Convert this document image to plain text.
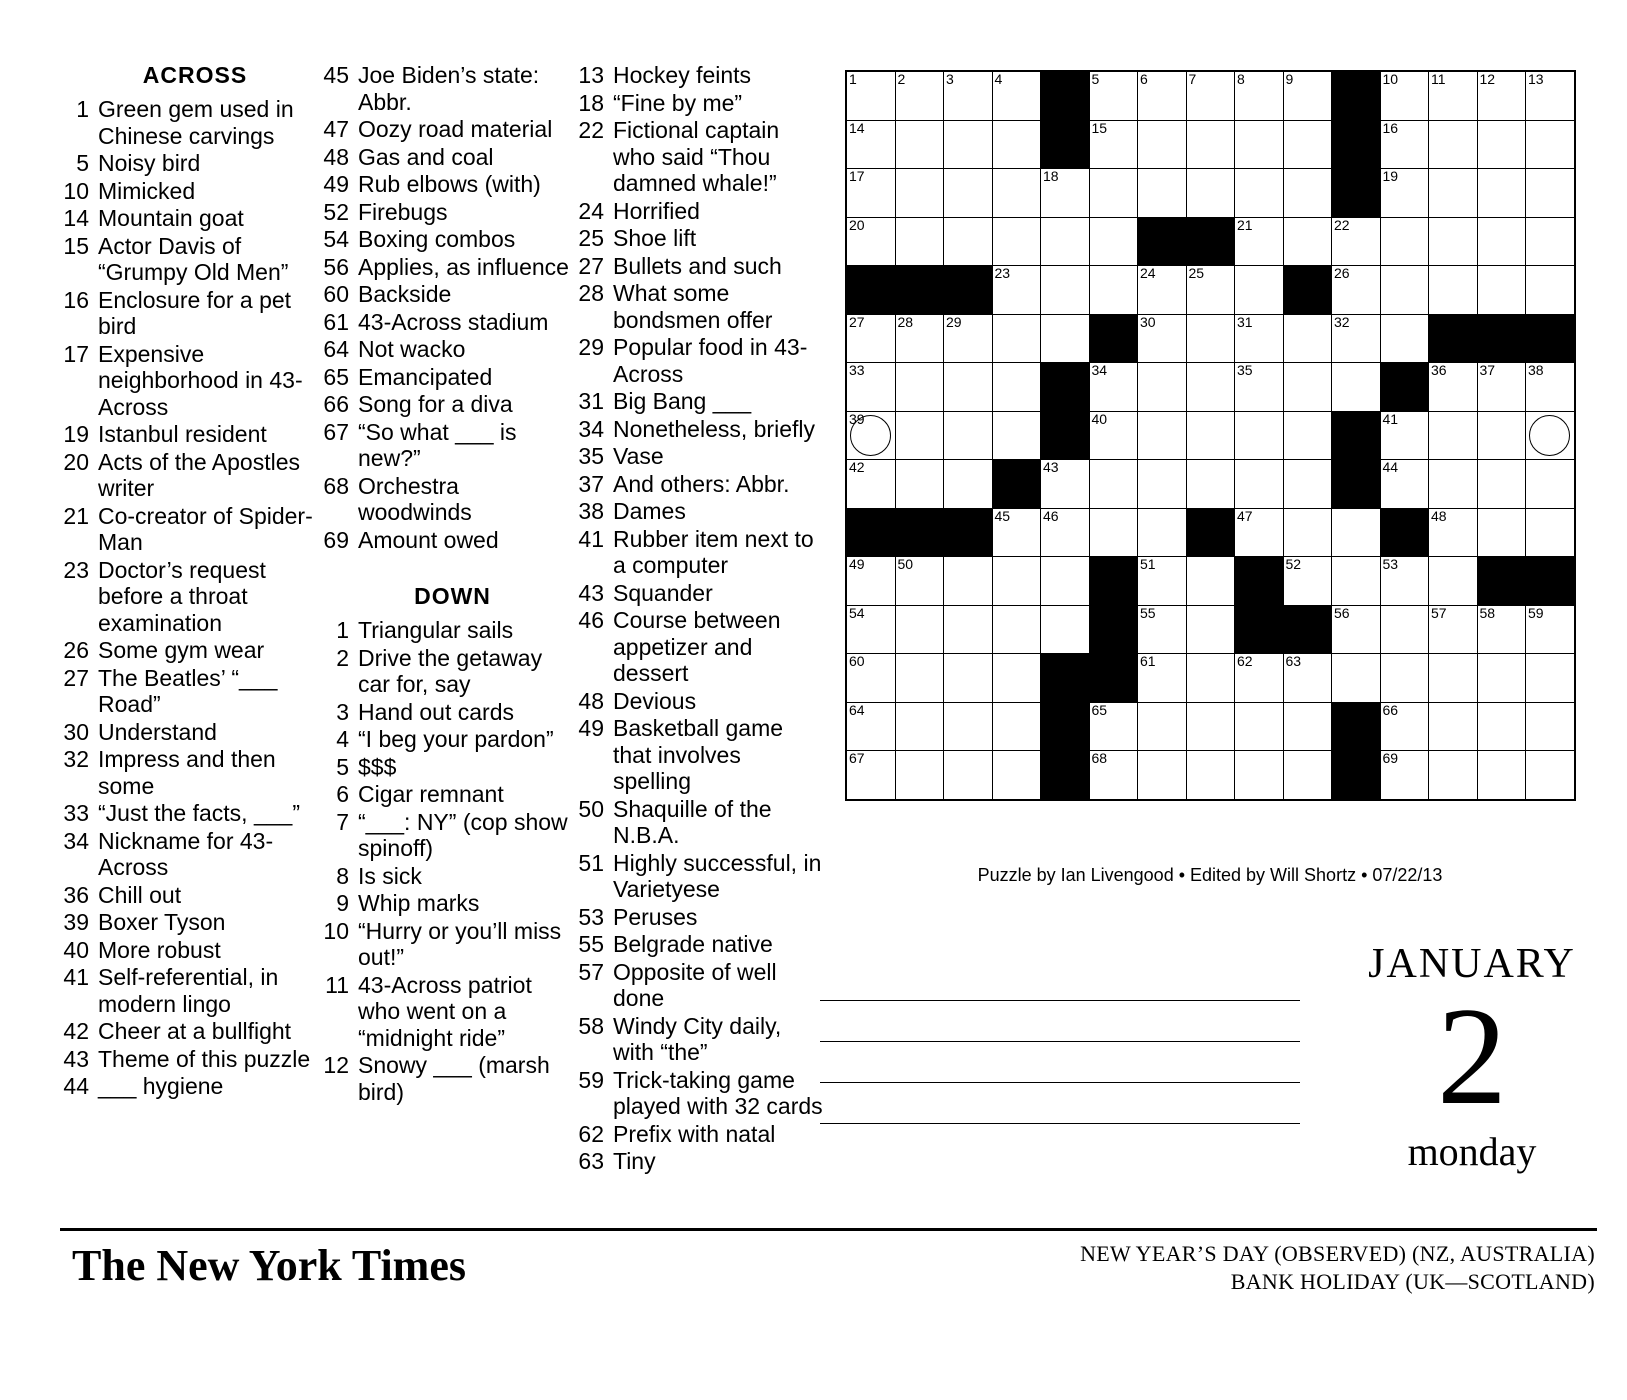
ACROSS
1 Green gem used in Chinese carvings
5 Noisy bird
10 Mimicked
14 Mountain goat
15 Actor Davis of “Grumpy Old Men”
16 Enclosure for a pet bird
17 Expensive neighborhood in 43-Across
19 Istanbul resident
20 Acts of the Apostles writer
21 Co-creator of Spider-Man
23 Doctor’s request before a throat examination
26 Some gym wear
27 The Beatles’ “___ Road”
30 Understand
32 Impress and then some
33 “Just the facts, ___”
34 Nickname for 43-Across
36 Chill out
39 Boxer Tyson
40 More robust
41 Self-referential, in modern lingo
42 Cheer at a bullfight
43 Theme of this puzzle
44 ___ hygiene
45 Joe Biden’s state: Abbr.
47 Oozy road material
48 Gas and coal
49 Rub elbows (with)
52 Firebugs
54 Boxing combos
56 Applies, as influence
60 Backside
61 43-Across stadium
64 Not wacko
65 Emancipated
66 Song for a diva
67 “So what ___ is new?”
68 Orchestra woodwinds
69 Amount owed
DOWN
1 Triangular sails
2 Drive the getaway car for, say
3 Hand out cards
4 “I beg your pardon”
5 $$$
6 Cigar remnant
7 “___: NY” (cop show spinoff)
8 Is sick
9 Whip marks
10 “Hurry or you’ll miss out!”
11 43-Across patriot who went on a “midnight ride”
12 Snowy ___ (marsh bird)
13 Hockey feints
18 “Fine by me”
22 Fictional captain who said “Thou damned whale!”
24 Horrified
25 Shoe lift
27 Bullets and such
28 What some bondsmen offer
29 Popular food in 43-Across
31 Big Bang ___
34 Nonetheless, briefly
35 Vase
37 And others: Abbr.
38 Dames
41 Rubber item next to a computer
43 Squander
46 Course between appetizer and dessert
48 Devious
49 Basketball game that involves spelling
50 Shaquille of the N.B.A.
51 Highly successful, in Varietyese
53 Peruses
55 Belgrade native
57 Opposite of well done
58 Windy City daily, with “the”
59 Trick-taking game played with 32 cards
62 Prefix with natal
63 Tiny
1	2	3	4		5	6	7	8	9		10	11	12	13

14					15						16			

17				18							19			

20								21		22				

			23			24	25			26				

27	28	29				30		31		32				

33					34			35				36	37	38

39					40						41			

42				43							44			

			45	46				47				48		

49	50					51			52		53			

54						55				56		57	58	59

60						61		62	63					

64					65						66			

67					68						69			

Puzzle by Ian Livengood • Edited by Will Shortz • 07/22/13
JANUARY
2
monday
The New York Times	NEW YEAR’S DAY (OBSERVED) (NZ, AUSTRALIA)
BANK HOLIDAY (UK—SCOTLAND)
